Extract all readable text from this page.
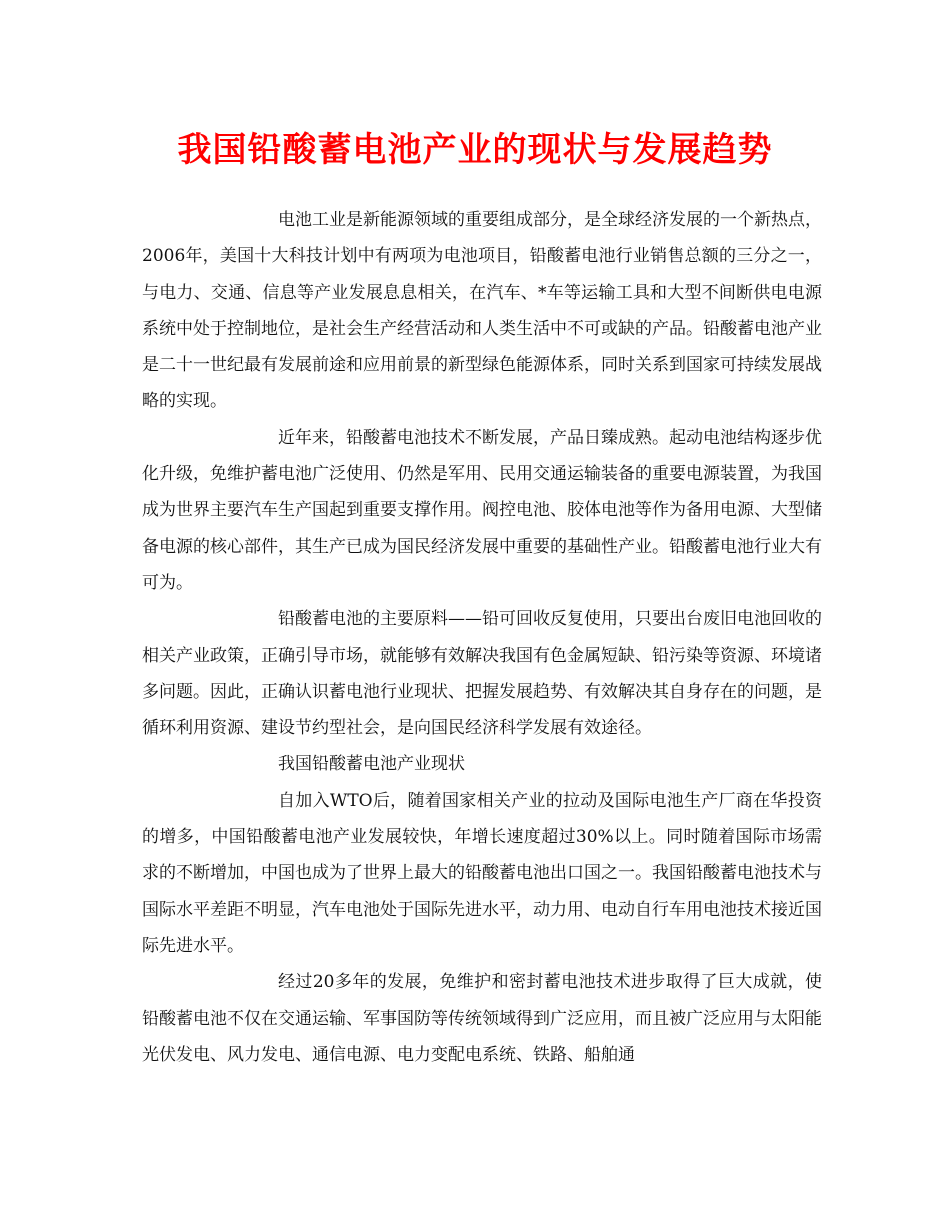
我国铅酸蓄电池产业的现状与发展趋势

电池工业是新能源领域的重要组成部分，是全球经济发展的一个新热点，2006年，美国十大科技计划中有两项为电池项目，铅酸蓄电池行业销售总额的三分之一，与电力、交通、信息等产业发展息息相关，在汽车、*车等运输工具和大型不间断供电电源系统中处于控制地位，是社会生产经营活动和人类生活中不可或缺的产品。铅酸蓄电池产业是二十一世纪最有发展前途和应用前景的新型绿色能源体系，同时关系到国家可持续发展战略的实现。

近年来，铅酸蓄电池技术不断发展，产品日臻成熟。起动电池结构逐步优化升级，免维护蓄电池广泛使用、仍然是军用、民用交通运输装备的重要电源装置，为我国成为世界主要汽车生产国起到重要支撑作用。阀控电池、胶体电池等作为备用电源、大型储备电源的核心部件，其生产已成为国民经济发展中重要的基础性产业。铅酸蓄电池行业大有可为。

铅酸蓄电池的主要原料——铅可回收反复使用，只要出台废旧电池回收的相关产业政策，正确引导市场，就能够有效解决我国有色金属短缺、铅污染等资源、环境诸多问题。因此，正确认识蓄电池行业现状、把握发展趋势、有效解决其自身存在的问题，是循环利用资源、建设节约型社会，是向国民经济科学发展有效途径。

我国铅酸蓄电池产业现状

自加入WTO后，随着国家相关产业的拉动及国际电池生产厂商在华投资的增多，中国铅酸蓄电池产业发展较快，年增长速度超过30%以上。同时随着国际市场需求的不断增加，中国也成为了世界上最大的铅酸蓄电池出口国之一。我国铅酸蓄电池技术与国际水平差距不明显，汽车电池处于国际先进水平，动力用、电动自行车用电池技术接近国际先进水平。

经过20多年的发展，免维护和密封蓄电池技术进步取得了巨大成就，使铅酸蓄电池不仅在交通运输、军事国防等传统领域得到广泛应用，而且被广泛应用与太阳能光伏发电、风力发电、通信电源、电力变配电系统、铁路、船舶通
